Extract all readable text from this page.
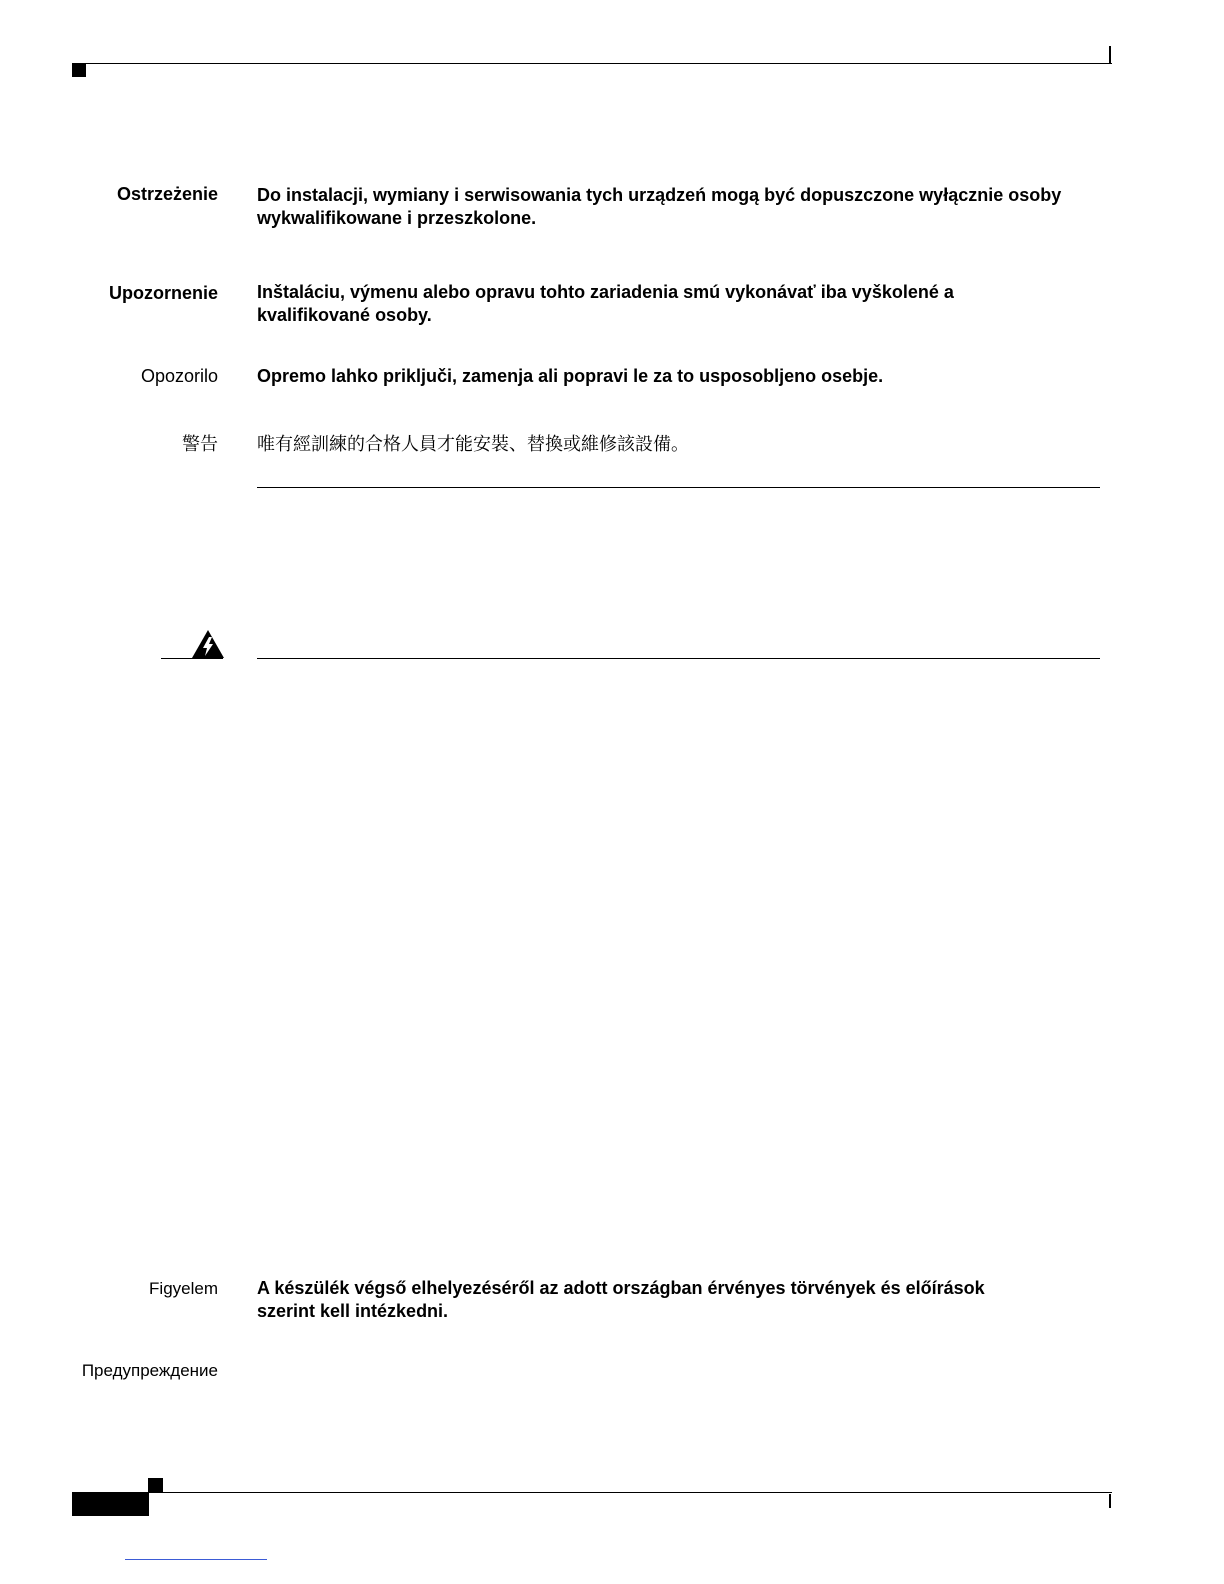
Ostrzeżenie Do instalacji, wymiany i serwisowania tych urządzeń mogą być dopuszczone wyłącznie osoby wykwalifikowane i przeszkolone.
Upozornenie Inštaláciu, výmenu alebo opravu tohto zariadenia smú vykonávať iba vyškolené a kvalifikované osoby.
Opozorilo Opremo lahko priključi, zamenja ali popravi le za to usposobljeno osebje.
警告 唯有經訓練的合格人員才能安裝、替換或維修該設備。
Figyelem A készülék végső elhelyezéséről az adott országban érvényes törvények és előírások szerint kell intézkedni.
Предупреждение
